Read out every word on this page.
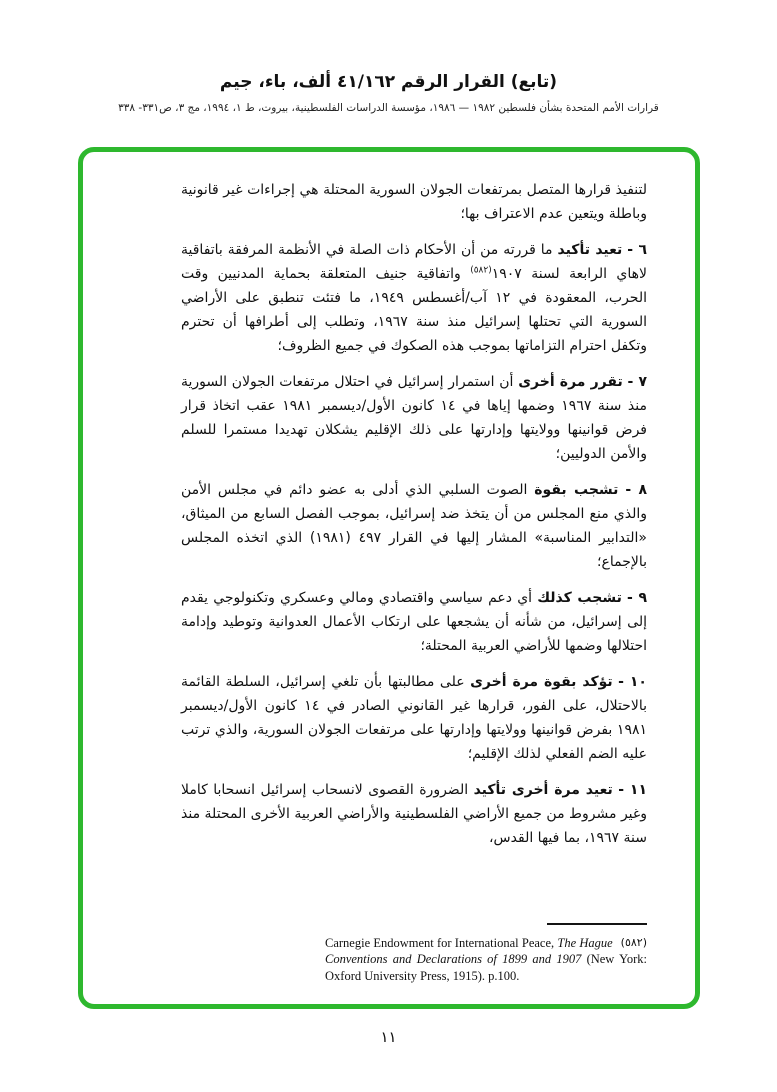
(تابع) القرار الرقم ٤١/١٦٢ ألف، باء، جيم
قرارات الأمم المتحدة بشأن فلسطين ١٩٨٢ — ١٩٨٦، مؤسسة الدراسات الفلسطينية، بيروت، ط ١، ١٩٩٤، مج ٣، ص٣٣١- ٣٣٨

لتنفيذ قرارها المتصل بمرتفعات الجولان السورية المحتلة هي إجراءات غير قانونية وباطلة ويتعين عدم الاعتراف بها؛

٦ - تعيد تأكيد ما قررته من أن الأحكام ذات الصلة في الأنظمة المرفقة باتفاقية لاهاي الرابعة لسنة ١٩٠٧$^{(٥٨٢)}$ واتفاقية جنيف المتعلقة بحماية المدنيين وقت الحرب، المعقودة في ١٢ آب/أغسطس ١٩٤٩، ما فتئت تنطبق على الأراضي السورية التي تحتلها إسرائيل منذ سنة ١٩٦٧، وتطلب إلى أطرافها أن تحترم وتكفل احترام التزاماتها بموجب هذه الصكوك في جميع الظروف؛

٧ - تقرر مرة أخرى أن استمرار إسرائيل في احتلال مرتفعات الجولان السورية منذ سنة ١٩٦٧ وضمها إياها في ١٤ كانون الأول/ديسمبر ١٩٨١ عقب اتخاذ قرار فرض قوانينها وولايتها وإدارتها على ذلك الإقليم يشكلان تهديدا مستمرا للسلم والأمن الدوليين؛

٨ - تشجب بقوة الصوت السلبي الذي أدلى به عضو دائم في مجلس الأمن والذي منع المجلس من أن يتخذ ضد إسرائيل، بموجب الفصل السابع من الميثاق، «التدابير المناسبة» المشار إليها في القرار ٤٩٧ (١٩٨١) الذي اتخذه المجلس بالإجماع؛

٩ - تشجب كذلك أي دعم سياسي واقتصادي ومالي وعسكري وتكنولوجي يقدم إلى إسرائيل، من شأنه أن يشجعها على ارتكاب الأعمال العدوانية وتوطيد وإدامة احتلالها وضمها للأراضي العربية المحتلة؛

١٠ - تؤكد بقوة مرة أخرى على مطالبتها بأن تلغي إسرائيل، السلطة القائمة بالاحتلال، على الفور، قرارها غير القانوني الصادر في ١٤ كانون الأول/ديسمبر ١٩٨١ بفرض قوانينها وولايتها وإدارتها على مرتفعات الجولان السورية، والذي ترتب عليه الضم الفعلي لذلك الإقليم؛

١١ - تعيد مرة أخرى تأكيد الضرورة القصوى لانسحاب إسرائيل انسحابا كاملا وغير مشروط من جميع الأراضي الفلسطينية والأراضي العربية الأخرى المحتلة منذ سنة ١٩٦٧، بما فيها القدس،

(٥٨٢)
Carnegie Endowment for International Peace, The Hague Conventions and Declarations of 1899 and 1907 (New York: Oxford University Press, 1915). p.100.
١١
